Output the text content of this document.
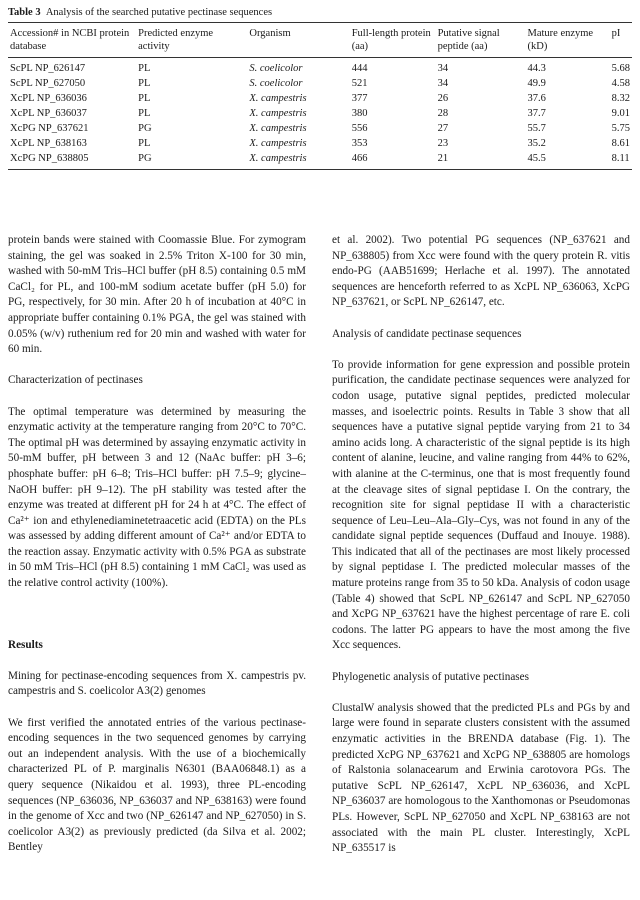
Table 3 Analysis of the searched putative pectinase sequences
Accession# in NCBI protein database	Predicted enzyme activity	Organism	Full-length protein (aa)	Putative signal peptide (aa)	Mature enzyme (kD)	pI
ScPL NP_626147	PL	S. coelicolor	444	34	44.3	5.68
ScPL NP_627050	PL	S. coelicolor	521	34	49.9	4.58
XcPL NP_636036	PL	X. campestris	377	26	37.6	8.32
XcPL NP_636037	PL	X. campestris	380	28	37.7	9.01
XcPG NP_637621	PG	X. campestris	556	27	55.7	5.75
XcPL NP_638163	PL	X. campestris	353	23	35.2	8.61
XcPG NP_638805	PG	X. campestris	466	21	45.5	8.11

protein bands were stained with Coomassie Blue. For zymogram staining, the gel was soaked in 2.5% Triton X-100 for 30 min, washed with 50-mM Tris–HCl buffer (pH 8.5) containing 0.5 mM CaCl₂ for PL, and 100-mM sodium acetate buffer (pH 5.0) for PG, respectively, for 30 min. After 20 h of incubation at 40°C in appropriate buffer containing 0.1% PGA, the gel was stained with 0.05% (w/v) ruthenium red for 20 min and washed with water for 60 min.

Characterization of pectinases

The optimal temperature was determined by measuring the enzymatic activity at the temperature ranging from 20°C to 70°C. The optimal pH was determined by assaying enzymatic activity in 50-mM buffer, pH between 3 and 12 (NaAc buffer: pH 3–6; phosphate buffer: pH 6–8; Tris–HCl buffer: pH 7.5–9; glycine–NaOH buffer: pH 9–12). The pH stability was tested after the enzyme was treated at different pH for 24 h at 4°C. The effect of Ca²⁺ ion and ethylenediaminetetraacetic acid (EDTA) on the PLs was assessed by adding different amount of Ca²⁺ and/or EDTA to the reaction assay. Enzymatic activity with 0.5% PGA as substrate in 50 mM Tris–HCl (pH 8.5) containing 1 mM CaCl₂ was used as the relative control activity (100%).

Results
Mining for pectinase-encoding sequences from X. campestris pv. campestris and S. coelicolor A3(2) genomes

We first verified the annotated entries of the various pectinase-encoding sequences in the two sequenced genomes by carrying out an independent analysis. With the use of a biochemically characterized PL of P. marginalis N6301 (BAA06848.1) as a query sequence (Nikaidou et al. 1993), three PL-encoding sequences (NP_636036, NP_636037 and NP_638163) were found in the genome of Xcc and two (NP_626147 and NP_627050) in S. coelicolor A3(2) as previously predicted (da Silva et al. 2002; Bentley

et al. 2002). Two potential PG sequences (NP_637621 and NP_638805) from Xcc were found with the query protein R. vitis endo-PG (AAB51699; Herlache et al. 1997). The annotated sequences are henceforth referred to as XcPL NP_636063, XcPG NP_637621, or ScPL NP_626147, etc.

Analysis of candidate pectinase sequences

To provide information for gene expression and possible protein purification, the candidate pectinase sequences were analyzed for codon usage, putative signal peptides, predicted molecular masses, and isoelectric points. Results in Table 3 show that all sequences have a putative signal peptide varying from 21 to 34 amino acids long. A characteristic of the signal peptide is its high content of alanine, leucine, and valine ranging from 44% to 62%, with alanine at the C-terminus, one that is most frequently found at the cleavage sites of signal peptidase I. On the contrary, the recognition site for signal peptidase II with a characteristic sequence of Leu–Leu–Ala–Gly–Cys, was not found in any of the candidate signal peptide sequences (Duffaud and Inouye. 1988). This indicated that all of the pectinases are most likely processed by signal peptidase I. The predicted molecular masses of the mature proteins range from 35 to 50 kDa. Analysis of codon usage (Table 4) showed that ScPL NP_626147 and ScPL NP_627050 and XcPG NP_637621 have the highest percentage of rare E. coli codons. The latter PG appears to have the most among the five Xcc sequences.

Phylogenetic analysis of putative pectinases

ClustalW analysis showed that the predicted PLs and PGs by and large were found in separate clusters consistent with the assumed enzymatic activities in the BRENDA database (Fig. 1). The predicted XcPG NP_637621 and XcPG NP_638805 are homologs of Ralstonia solanacearum and Erwinia carotovora PGs. The putative ScPL NP_626147, XcPL NP_636036, and XcPL NP_636037 are homologous to the Xanthomonas or Pseudomonas PLs. However, ScPL NP_627050 and XcPL NP_638163 are not associated with the main PL cluster. Interestingly, XcPL NP_635517 is
